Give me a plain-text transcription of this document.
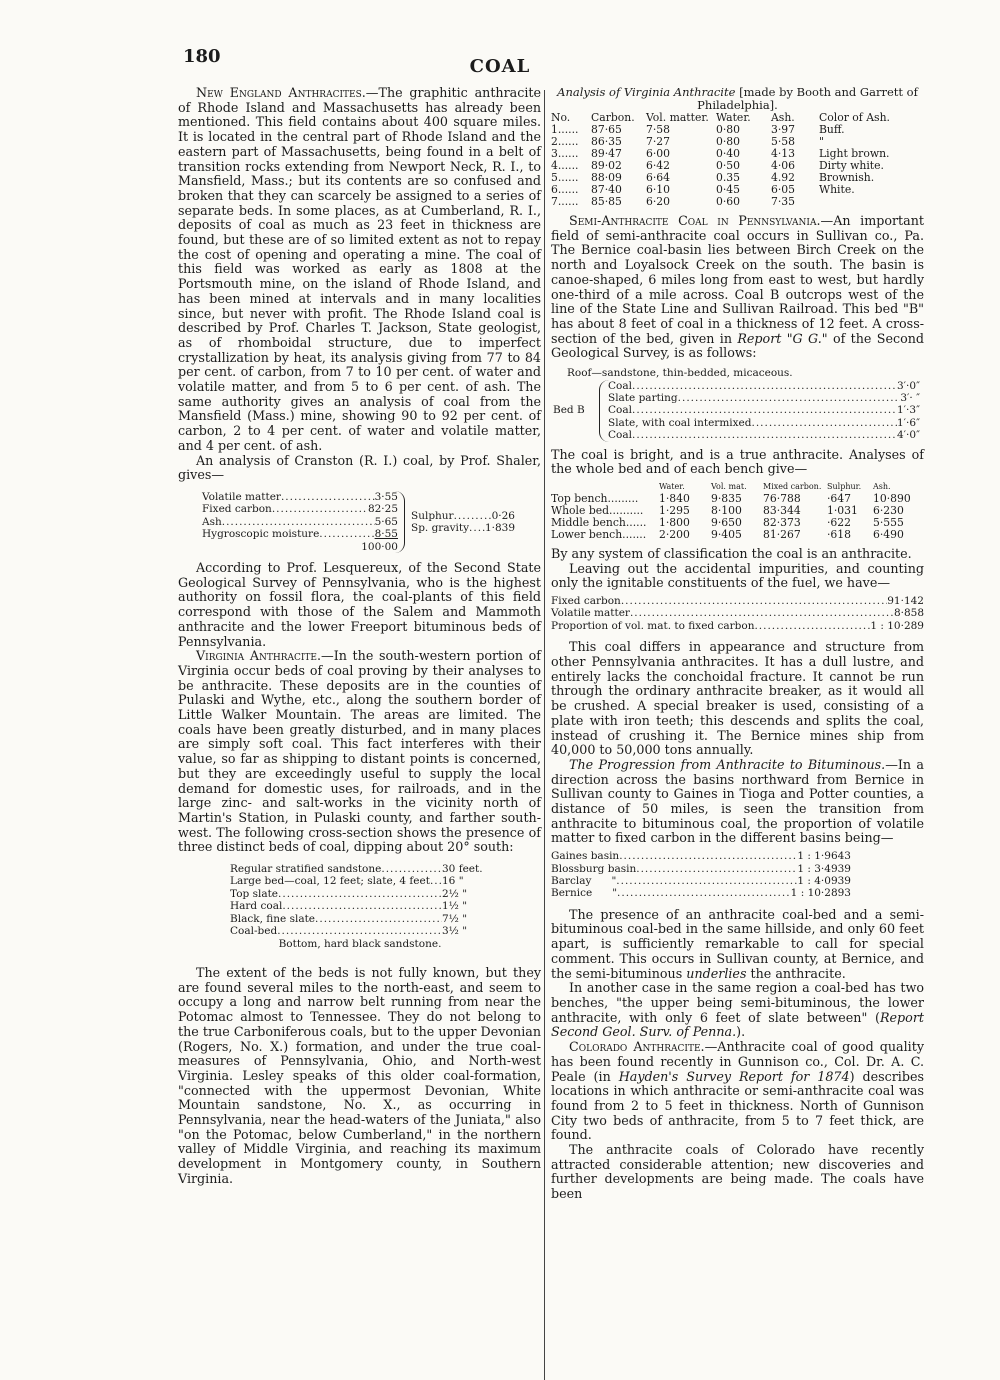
180	COAL

New England Anthracites.—The graphitic anthracite of Rhode Island and Massachusetts has already been mentioned. This field contains about 400 square miles. It is located in the central part of Rhode Island and the eastern part of Massachusetts, being found in a belt of transition rocks extending from Newport Neck, R. I., to Mansfield, Mass.; but its contents are so confused and broken that they can scarcely be assigned to a series of separate beds. In some places, as at Cumberland, R. I., deposits of coal as much as 23 feet in thickness are found, but these are of so limited extent as not to repay the cost of opening and operating a mine. The coal of this field was worked as early as 1808 at the Portsmouth mine, on the island of Rhode Island, and has been mined at intervals and in many localities since, but never with profit. The Rhode Island coal is described by Prof. Charles T. Jackson, State geologist, as of rhomboidal structure, due to imperfect crystallization by heat, its analysis giving from 77 to 84 per cent. of carbon, from 7 to 10 per cent. of water and volatile matter, and from 5 to 6 per cent. of ash. The same authority gives an analysis of coal from the Mansfield (Mass.) mine, showing 90 to 92 per cent. of carbon, 2 to 4 per cent. of water and volatile matter, and 4 per cent. of ash.

An analysis of Cranston (R. I.) coal, by Prof. Shaler, gives—

Volatile matter .....	3·55
Fixed carbon .....	82·25
Ash .....	5·65
Hygroscopic moisture .....	8·55
100·00
Sulphur .....	0·26
Sp. gravity ..... 1·839

According to Prof. Lesquereux, of the Second State Geological Survey of Pennsylvania, who is the highest authority on fossil flora, the coal-plants of this field correspond with those of the Salem and Mammoth anthracite and the lower Freeport bituminous beds of Pennsylvania.

Virginia Anthracite.—In the south-western portion of Virginia occur beds of coal proving by their analyses to be anthracite. These deposits are in the counties of Pulaski and Wythe, etc., along the southern border of Little Walker Mountain. The areas are limited. The coals have been greatly disturbed, and in many places are simply soft coal. This fact interferes with their value, so far as shipping to distant points is concerned, but they are exceedingly useful to supply the local demand for domestic uses, for railroads, and in the large zinc- and salt-works in the vicinity north of Martin's Station, in Pulaski county, and farther south-west. The following cross-section shows the presence of three distinct beds of coal, dipping about 20° south:

Regular stratified sandstone .....	30 feet.
Large bed—coal, 12 feet; slate, 4 feet ..... 16 "
Top slate .....	2½ "
Hard coal .....	1½ "
Black, fine slate .....	7½ "
Coal-bed .....	3½ "
Bottom, hard black sandstone.

The extent of the beds is not fully known, but they are found several miles to the north-east, and seem to occupy a long and narrow belt running from near the Potomac almost to Tennessee. They do not belong to the true Carboniferous coals, but to the upper Devonian (Rogers, No. X.) formation, and under the true coal-measures of Pennsylvania, Ohio, and North-west Virginia. Lesley speaks of this older coal-formation, "connected with the uppermost Devonian, White Mountain sandstone, No. X., as occurring in Pennsylvania, near the head-waters of the Juniata," also "on the Potomac, below Cumberland," in the northern valley of Middle Virginia, and reaching its maximum development in Montgomery county, in Southern Virginia.

Analysis of Virginia Anthracite [made by Booth and Garrett of Philadelphia].

No.	Carbon.	Vol. matter.	Water.	Ash.	Color of Ash.
1......	87·65	7·58	0·80	3·97	Buff.
2......	86·35	7·27	0·80	5·58	"
3......	89·47	6·00	0·40	4·13	Light brown.
4......	89·02	6·42	0·50	4·06	Dirty white.
5......	88·09	6·64	0.35	4.92	Brownish.
6......	87·40	6·10	0·45	6·05	White.
7......	85·85	6·20	0·60	7·35	

Semi-Anthracite Coal in Pennsylvania.—An important field of semi-anthracite coal occurs in Sullivan co., Pa. The Bernice coal-basin lies between Birch Creek on the north and Loyalsock Creek on the south. The basin is canoe-shaped, 6 miles long from east to west, but hardly one-third of a mile across. Coal B outcrops west of the line of the State Line and Sullivan Railroad. This bed "B" has about 8 feet of coal in a thickness of 12 feet. A cross-section of the bed, given in Report "G G." of the Second Geological Survey, is as follows:

Roof—sandstone, thin-bedded, micaceous.
Bed B
Coal .....	3′·0″
Slate parting .....	3′· ″
Coal .....	1′·3″
Slate, with coal intermixed .....	1′·6″
Coal .....	4′·0″

The coal is bright, and is a true anthracite. Analyses of the whole bed and of each bench give—

	Water.	Vol. mat.	Mixed carbon.	Sulphur.	Ash.
Top bench.........	1·840	9·835	76·788	·647	10·890
Whole bed..........	1·295	8·100	83·344	1·031	6·230
Middle bench......	1·800	9·650	82·373	·622	5·555
Lower bench.......	2·200	9·405	81·267	·618	6·490

By any system of classification the coal is an anthracite.

Leaving out the accidental impurities, and counting only the ignitable constituents of the fuel, we have—

Fixed carbon .....	91·142
Volatile matter .....	8·858
Proportion of vol. mat. to fixed carbon .....	1 : 10·289

This coal differs in appearance and structure from other Pennsylvania anthracites. It has a dull lustre, and entirely lacks the conchoidal fracture. It cannot be run through the ordinary anthracite breaker, as it would all be crushed. A special breaker is used, consisting of a plate with iron teeth; this descends and splits the coal, instead of crushing it. The Bernice mines ship from 40,000 to 50,000 tons annually.

The Progression from Anthracite to Bituminous.—In a direction across the basins northward from Bernice in Sullivan county to Gaines in Tioga and Potter counties, a distance of 50 miles, is seen the transition from anthracite to bituminous coal, the proportion of volatile matter to fixed carbon in the different basins being—

Gaines basin .....	1 : 1·9643
Blossburg basin .....	1 : 3·4939
Barclay      " .....	1 : 4·0939
Bernice      " .....	1 : 10·2893

The presence of an anthracite coal-bed and a semi-bituminous coal-bed in the same hillside, and only 60 feet apart, is sufficiently remarkable to call for special comment. This occurs in Sullivan county, at Bernice, and the semi-bituminous underlies the anthracite.

In another case in the same region a coal-bed has two benches, "the upper being semi-bituminous, the lower anthracite, with only 6 feet of slate between" (Report Second Geol. Surv. of Penna.).

Colorado Anthracite.—Anthracite coal of good quality has been found recently in Gunnison co., Col. Dr. A. C. Peale (in Hayden's Survey Report for 1874) describes locations in which anthracite or semi-anthracite coal was found from 2 to 5 feet in thickness. North of Gunnison City two beds of anthracite, from 5 to 7 feet thick, are found.

The anthracite coals of Colorado have recently attracted considerable attention; new discoveries and further developments are being made. The coals have been
